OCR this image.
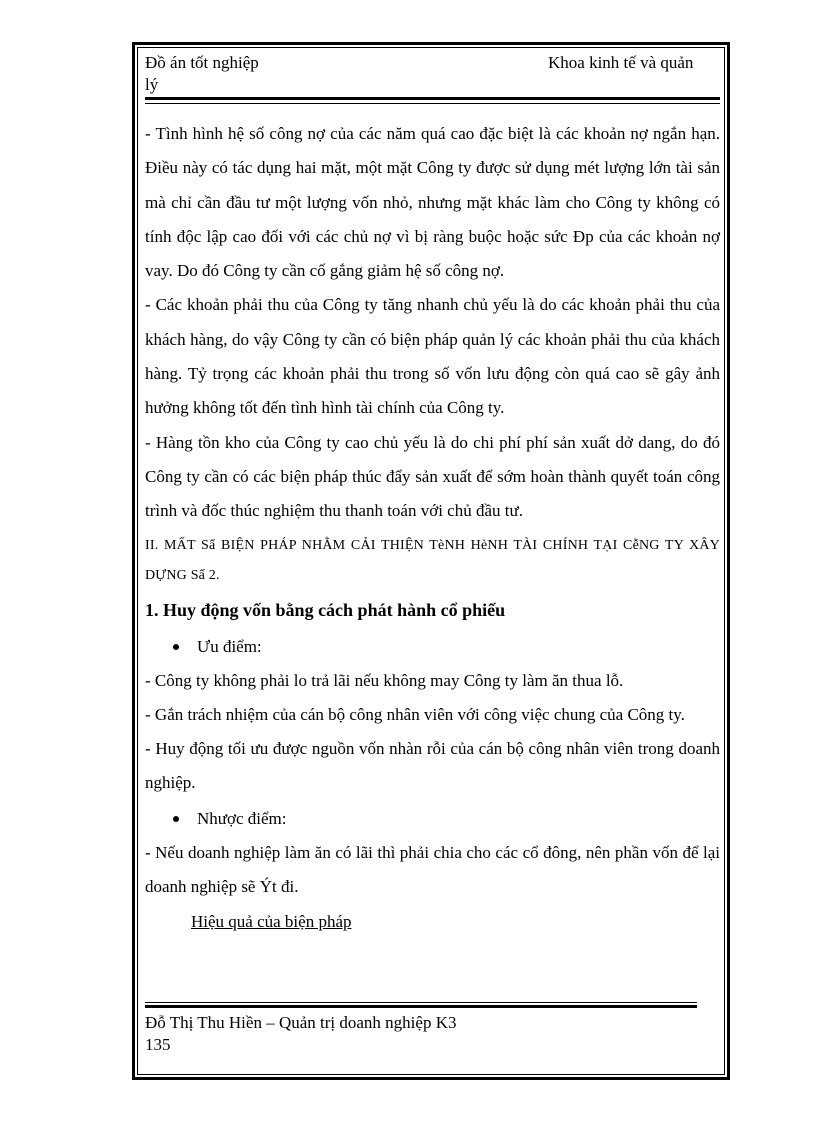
Đồ án tốt nghiệp
lý
Khoa kinh tế và quản

- Tình hình hệ số công nợ của các năm quá cao đặc biệt là các khoản nợ ngắn hạn. Điều này có tác dụng hai mặt, một mặt Công ty được sử dụng mét lượng lớn tài sản mà chỉ cần đầu tư một lượng vốn nhỏ, nhưng mặt khác làm cho Công ty không có tính độc lập cao đối với các chủ nợ vì bị ràng buộc hoặc sức Ðp của các khoản nợ vay. Do đó Công ty cần cố gắng giảm hệ số công nợ.

- Các khoản phải thu của Công ty tăng nhanh chủ yếu là do các khoản phải thu của khách hàng, do vậy Công ty cần có biện pháp quản lý các khoản phải thu của khách hàng. Tỷ trọng các khoản phải thu trong số vốn lưu động còn quá cao sẽ gây ảnh hưởng không tốt đến tình hình tài chính của Công ty.

- Hàng tồn kho của Công ty cao chủ yếu là do chi phí phí sản xuất dở dang, do đó Công ty cần có các biện pháp thúc đẩy sản xuất để sớm hoàn thành quyết toán công trình và đốc thúc nghiệm thu thanh toán với chủ đầu tư.

II. MẤT Sẩ BIỆN PHÁP NHẰM CẢI THIỆN TèNH HèNH TÀI CHÍNH TẠI CễNG TY XÂY DỰNG Sẩ 2.

1. Huy động vốn bằng cách phát hành cổ phiếu

Ưu điểm:

- Công ty không phải lo trả lãi nếu không may Công ty làm ăn thua lỗ.

- Gắn trách nhiệm của cán bộ công nhân viên với công việc chung của Công ty.

- Huy động tối ưu được nguồn vốn nhàn rỗi của cán bộ công nhân viên trong doanh nghiệp.

Nhược điểm:

- Nếu doanh nghiệp làm ăn có lãi thì phải chia cho các cổ đông, nên phần vốn để lại doanh nghiệp sẽ Ýt đi.

Hiệu quả của biện pháp
Đỗ Thị Thu Hiền – Quản trị doanh nghiệp K3
135
